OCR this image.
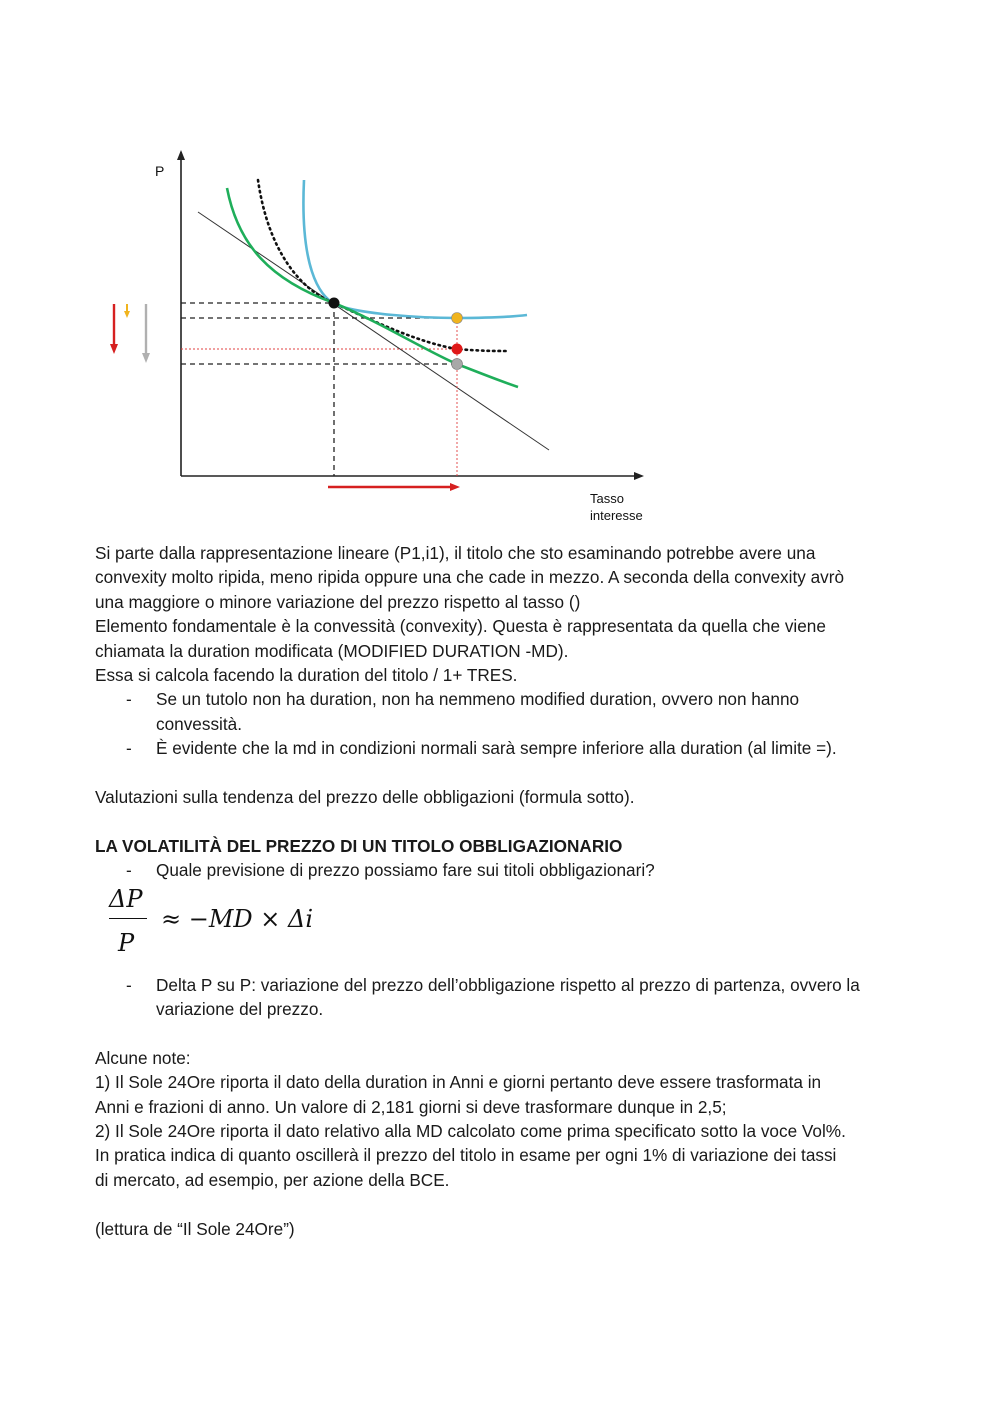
P
Tasso
interesse

Si parte dalla rappresentazione lineare (P1,i1), il titolo che sto esaminando potrebbe avere una

convexity molto ripida, meno ripida oppure una che cade in mezzo. A seconda della convexity avrò

una maggiore o minore variazione del prezzo rispetto al tasso ()

Elemento fondamentale è la convessità (convexity). Questa è rappresentata da quella che viene

chiamata la duration modificata (MODIFIED DURATION -MD).

Essa si calcola facendo la duration del titolo / 1+ TRES.

- Se un tutolo non ha duration, non ha nemmeno modified duration, ovvero non hanno

convessità.

- È evidente che la md in condizioni normali sarà sempre inferiore alla duration (al limite =).

Valutazioni sulla tendenza del prezzo delle obbligazioni (formula sotto).

LA VOLATILITÀ DEL PREZZO DI UN TITOLO OBBLIGAZIONARIO

- Quale previsione di prezzo possiamo fare sui titoli obbligazionari?

ΔP
P
≈ −MD × Δi
- Delta P su P: variazione del prezzo dell’obbligazione rispetto al prezzo di partenza, ovvero la

variazione del prezzo.

Alcune note:

1) Il Sole 24Ore riporta il dato della duration in Anni e giorni pertanto deve essere trasformata in

Anni e frazioni di anno. Un valore di 2,181 giorni si deve trasformare dunque in 2,5;

2) Il Sole 24Ore riporta il dato relativo alla MD calcolato come prima specificato sotto la voce Vol%.

In pratica indica di quanto oscillerà il prezzo del titolo in esame per ogni 1% di variazione dei tassi

di mercato, ad esempio, per azione della BCE.

(lettura de “Il Sole 24Ore”)
